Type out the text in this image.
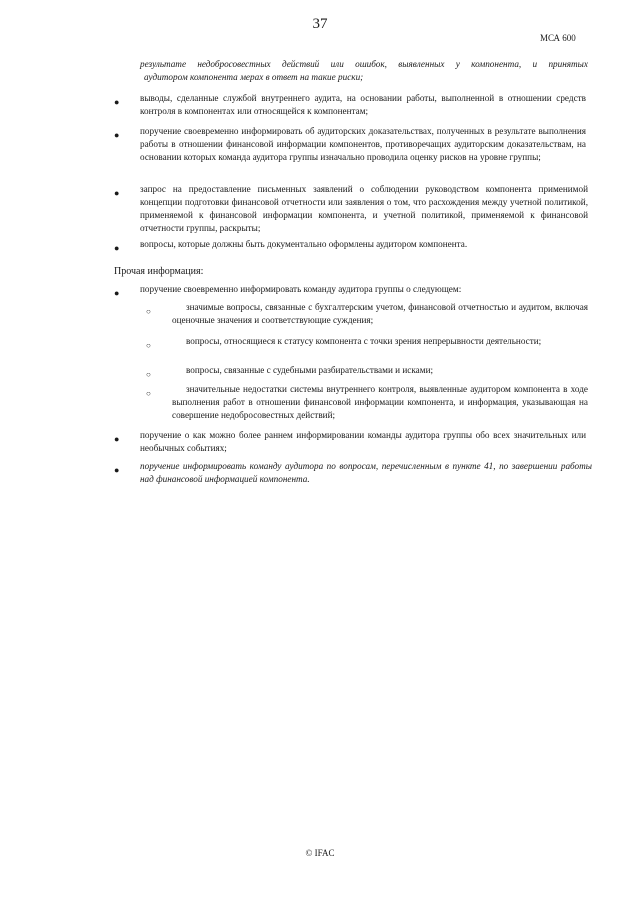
37
МСА 600

результате недобросовестных действий или ошибок, выявленных у компонента, и принятых

аудитором компонента мерах в ответ на такие риски;

● выводы, сделанные службой внутреннего аудита, на основании работы, выполненной в отношении средств контроля в компонентах или относящейся к компонентам;
● поручение своевременно информировать об аудиторских доказательствах, полученных в результате выполнения работы в отношении финансовой информации компонентов, противоречащих аудиторским доказательствам, на основании которых команда аудитора группы изначально проводила оценку рисков на уровне группы;
● запрос на предоставление письменных заявлений о соблюдении руководством компонента применимой концепции подготовки финансовой отчетности или заявления о том, что расхождения между учетной политикой, применяемой к финансовой информации компонента, и учетной политикой, применяемой к финансовой отчетности группы, раскрыты;
● вопросы, которые должны быть документально оформлены аудитором компонента.
Прочая информация:
● поручение своевременно информировать команду аудитора группы о следующем:
○	значимые вопросы, связанные с бухгалтерским учетом, финансовой отчетностью и аудитом, включая оценочные значения и соответствующие суждения;
○	вопросы, относящиеся к статусу компонента с точки зрения непрерывности деятельности;
○	вопросы, связанные с судебными разбирательствами и исками;
○	значительные недостатки системы внутреннего контроля, выявленные аудитором компонента в ходе выполнения работ в отношении финансовой информации компонента, и информация, указывающая на совершение недобросовестных действий;
● поручение о как можно более раннем информировании команды аудитора группы обо всех значительных или необычных событиях;
● поручение информировать команду аудитора по вопросам, перечисленным в пункте 41, по завершении работы над финансовой информацией компонента.
© IFAC
